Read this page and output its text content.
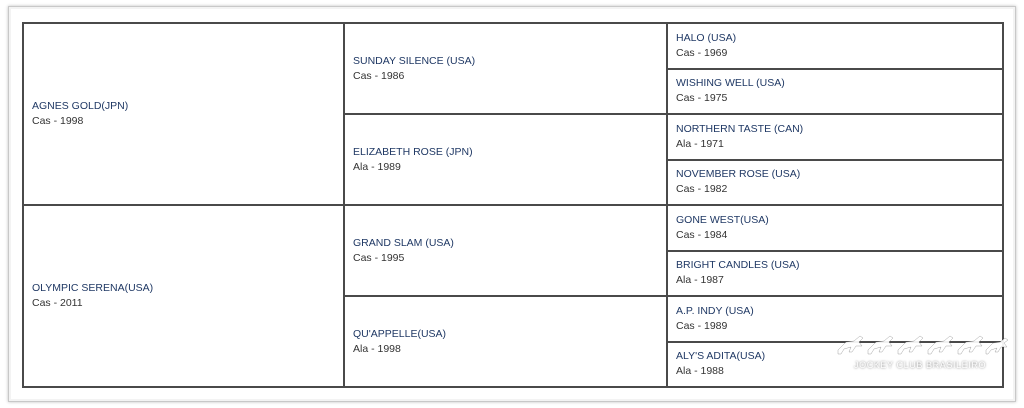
AGNES GOLD(JPN)
Cas - 1998	SUNDAY SILENCE (USA)
Cas - 1986	HALO (USA)
Cas - 1969

		WISHING WELL (USA)
Cas - 1975

	ELIZABETH ROSE (JPN)
Ala - 1989	NORTHERN TASTE (CAN)
Ala - 1971

		NOVEMBER ROSE (USA)
Cas - 1982

OLYMPIC SERENA(USA)
Cas - 2011	GRAND SLAM (USA)
Cas - 1995	GONE WEST(USA)
Cas - 1984

		BRIGHT CANDLES (USA)
Ala - 1987

	QU'APPELLE(USA)
Ala - 1998	A.P. INDY (USA)
Cas - 1989

		ALY'S ADITA(USA)
Ala - 1988
JOCKEY CLUB BRASILEIRO
